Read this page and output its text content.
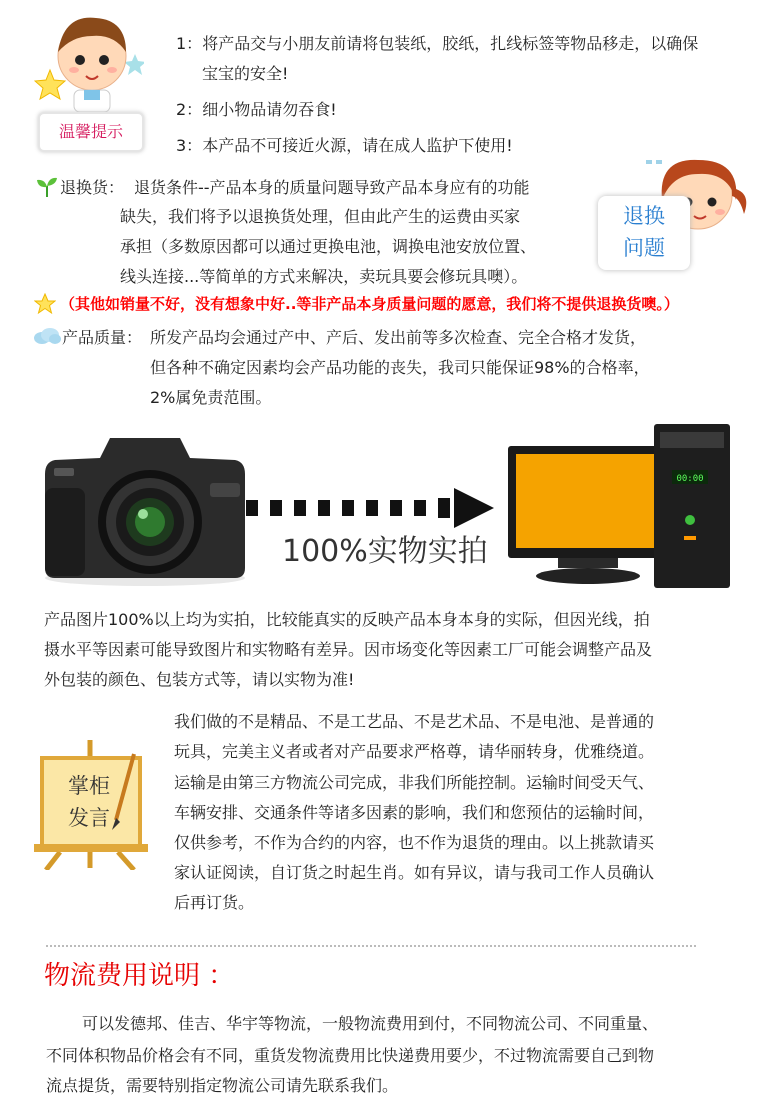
温馨提示
1：将产品交与小朋友前请将包装纸，胶纸，扎线标签等物品移走，以确保
宝宝的安全!
2：细小物品请勿吞食!
3：本产品不可接近火源，请在成人监护下使用!
退换货： 退货条件--产品本身的质量问题导致产品本身应有的功能
缺失，我们将予以退换货处理，但由此产生的运费由买家
承担（多数原因都可以通过更换电池，调换电池安放位置、
线头连接...等简单的方式来解决，卖玩具要会修玩具噢）。
退换
问题
（其他如销量不好，没有想象中好..等非产品本身质量问题的愿意，我们将不提供退换货噢。）
产品质量： 所发产品均会通过产中、产后、发出前等多次检查、完全合格才发货，
但各种不确定因素均会产品功能的丧失，我司只能保证98%的合格率，
2%属免责范围。
100%实物实拍
00:00
产品图片100%以上均为实拍，比较能真实的反映产品本身本身的实际，但因光线，拍
摄水平等因素可能导致图片和实物略有差异。因市场变化等因素工厂可能会调整产品及
外包装的颜色、包装方式等，请以实物为准!
掌柜
发言
我们做的不是精品、不是工艺品、不是艺术品、不是电池、是普通的
玩具，完美主义者或者对产品要求严格尊，请华丽转身，优雅绕道。
运输是由第三方物流公司完成，非我们所能控制。运输时间受天气、
车辆安排、交通条件等诸多因素的影响，我们和您预估的运输时间，
仅供参考，不作为合约的内容，也不作为退货的理由。以上挑款请买
家认证阅读，自订货之时起生肖。如有异议，请与我司工作人员确认
后再订货。
物流费用说明 ：
可以发德邦、佳吉、华宇等物流，一般物流费用到付，不同物流公司、不同重量、
不同体积物品价格会有不同，重货发物流费用比快递费用要少，不过物流需要自己到物
流点提货，需要特别指定物流公司请先联系我们。
